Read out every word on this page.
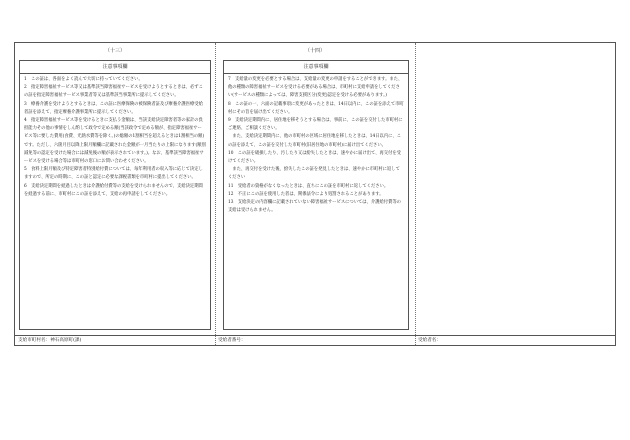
（十三）
注意事項欄
1　この証は、各面をよく読んで大切に持っていてください。
2　指定障害福祉サービス等又は基準該当障害福祉サービスを受けようとするときは、必ずこの証を指定障害福祉サービス事業者等又は基準該当事業所に提示してください。
3　療養介護を受けようとするときは、この証に医療保険の被保険者証及び療養介護医療受給者証を添えて、指定療養介護事業所に提示してください。
4　指定障害福祉サービス等を受けるときに支払う金額は、当該支給決定障害者等の家計の負担能力その他の事情をしん酌して政令で定める額(当該政令で定める額が、指定障害福祉サービス等に要した費用(食費、光熱水費等を除く。)の総額の1割相当を超えるときは1割相当の額)です。ただし、六箇月目以降上限月額欄に記載された金額が一月当たりの上限になります(額別減免等の認定を受けた場合には減免後の額が表示されています。)。なお、基準該当障害福祉サービスを受ける場合等は市町村の窓口にお問い合わせください。
5　食料上限月額及び特定障害者特別給付費については、毎年利用者の収入等に応じて決定しますので、所定の時期に、この証と認定に必要な課税書類を市町村に提出してください。
6　支給決定期間を経過したときは介護給付費等の支給を受けられませんので、支給決定期間を経過する前に、市町村にこの証を添えて、支給の再申請をしてください。
支給市町村名：神石高原町(課)
（十四）
注意事項欄
7　支給量の変更を必要とする場合は、支給量の変更の申請をすることができます。また、他の種類の障害福祉サービスを受ける必要がある場合は、市町村に支給申請をしてください(サービスの種類によっては、障害支援区分(変更)認定を受ける必要があります。)
8　この証の一、六面の記載事項に変更があったときは、14日以内に、この証を添えて市町村にその旨を届け出てください。
9　支給決定期間内に、居住地を移そうとする場合は、事前に、この証を交付した市町村にご連絡、ご相談ください。
　また、支給決定期間内に、他の市町村の区域に居住地を移したときは、14日以内に、この証を添えて、この証を交付した市町村(旧居住地の市町村)に届け出てください。
10　この証を破損したり、汚したり又は紛失したときは、速やかに届け出て、再交付を受けてください。
　また、再交付を受けた後、紛失したこの証を発見したときは、速やかに市町村に返してください
11　受給者の資格がなくなったときは、直ちにこの証を市町村に返してください。
12　不正にこの証を使用した者は、関係法令により処罰されることがあります。
13　支給決定の内容欄に記載されていない障害福祉サービスについては、介護給付費等の支給は受けられません。
受給者番号：	受給者名：
